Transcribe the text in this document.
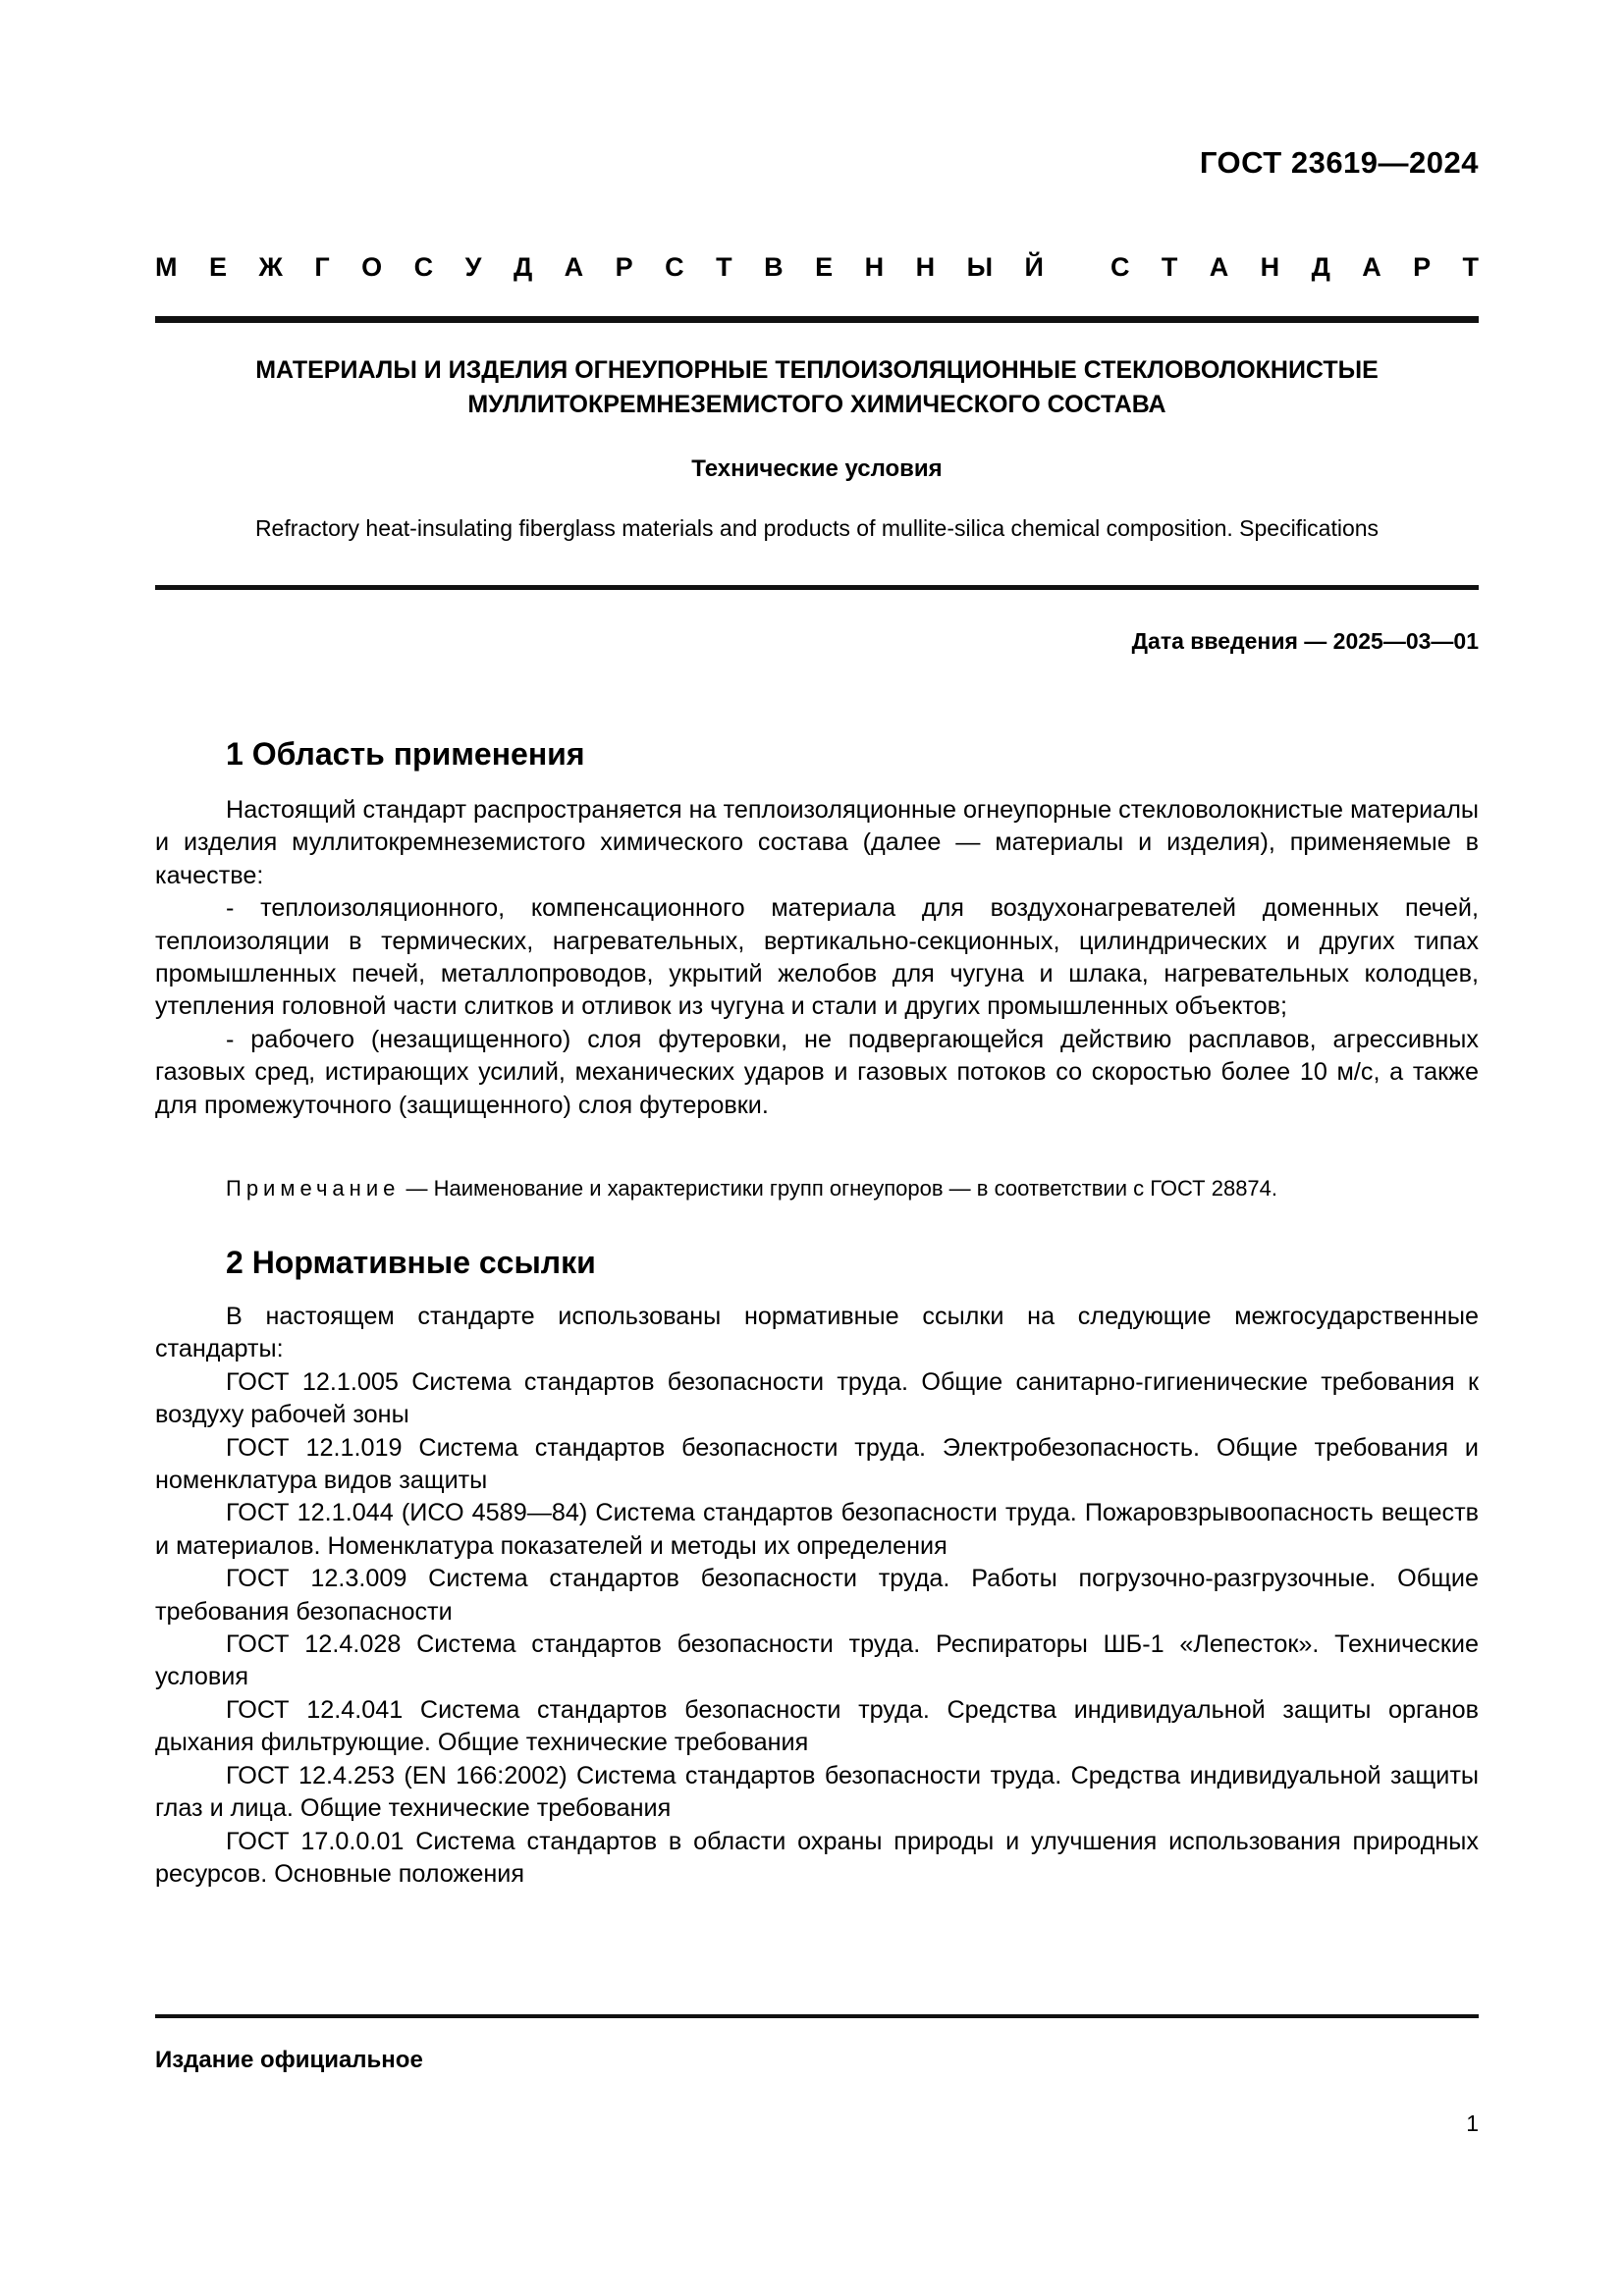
ГОСТ 23619—2024
М Е Ж Г О С У Д А Р С Т В Е Н Н Ы Й	С Т А Н Д А Р Т
МАТЕРИАЛЫ И ИЗДЕЛИЯ ОГНЕУПОРНЫЕ ТЕПЛОИЗОЛЯЦИОННЫЕ СТЕКЛОВОЛОКНИСТЫЕ
МУЛЛИТОКРЕМНЕЗЕМИСТОГО ХИМИЧЕСКОГО СОСТАВА
Технические условия
Refractory heat-insulating fiberglass materials and products of mullite-silica chemical composition. Specifications
Дата введения — 2025—03—01
1 Область применения

Настоящий стандарт распространяется на теплоизоляционные огнеупорные стекловолокнистые материалы и изделия муллитокремнеземистого химического состава (далее — материалы и изделия), применяемые в качестве:

- теплоизоляционного, компенсационного материала для воздухонагревателей доменных печей, теплоизоляции в термических, нагревательных, вертикально-секционных, цилиндрических и других типах промышленных печей, металлопроводов, укрытий желобов для чугуна и шлака, нагревательных колодцев, утепления головной части слитков и отливок из чугуна и стали и других промышленных объектов;

- рабочего (незащищенного) слоя футеровки, не подвергающейся действию расплавов, агрессивных газовых сред, истирающих усилий, механических ударов и газовых потоков со скоростью более 10 м/с, а также для промежуточного (защищенного) слоя футеровки.

Примечание — Наименование и характеристики групп огнеупоров — в соответствии с ГОСТ 28874.
2 Нормативные ссылки

В настоящем стандарте использованы нормативные ссылки на следующие межгосударственные стандарты:

ГОСТ 12.1.005 Система стандартов безопасности труда. Общие санитарно-гигиенические требования к воздуху рабочей зоны

ГОСТ 12.1.019 Система стандартов безопасности труда. Электробезопасность. Общие требования и номенклатура видов защиты

ГОСТ 12.1.044 (ИСО 4589—84) Система стандартов безопасности труда. Пожаровзрывоопасность веществ и материалов. Номенклатура показателей и методы их определения

ГОСТ 12.3.009 Система стандартов безопасности труда. Работы погрузочно-разгрузочные. Общие требования безопасности

ГОСТ 12.4.028 Система стандартов безопасности труда. Респираторы ШБ-1 «Лепесток». Технические условия

ГОСТ 12.4.041 Система стандартов безопасности труда. Средства индивидуальной защиты органов дыхания фильтрующие. Общие технические требования

ГОСТ 12.4.253 (EN 166:2002) Система стандартов безопасности труда. Средства индивидуальной защиты глаз и лица. Общие технические требования

ГОСТ 17.0.0.01 Система стандартов в области охраны природы и улучшения использования природных ресурсов. Основные положения

Издание официальное
1
